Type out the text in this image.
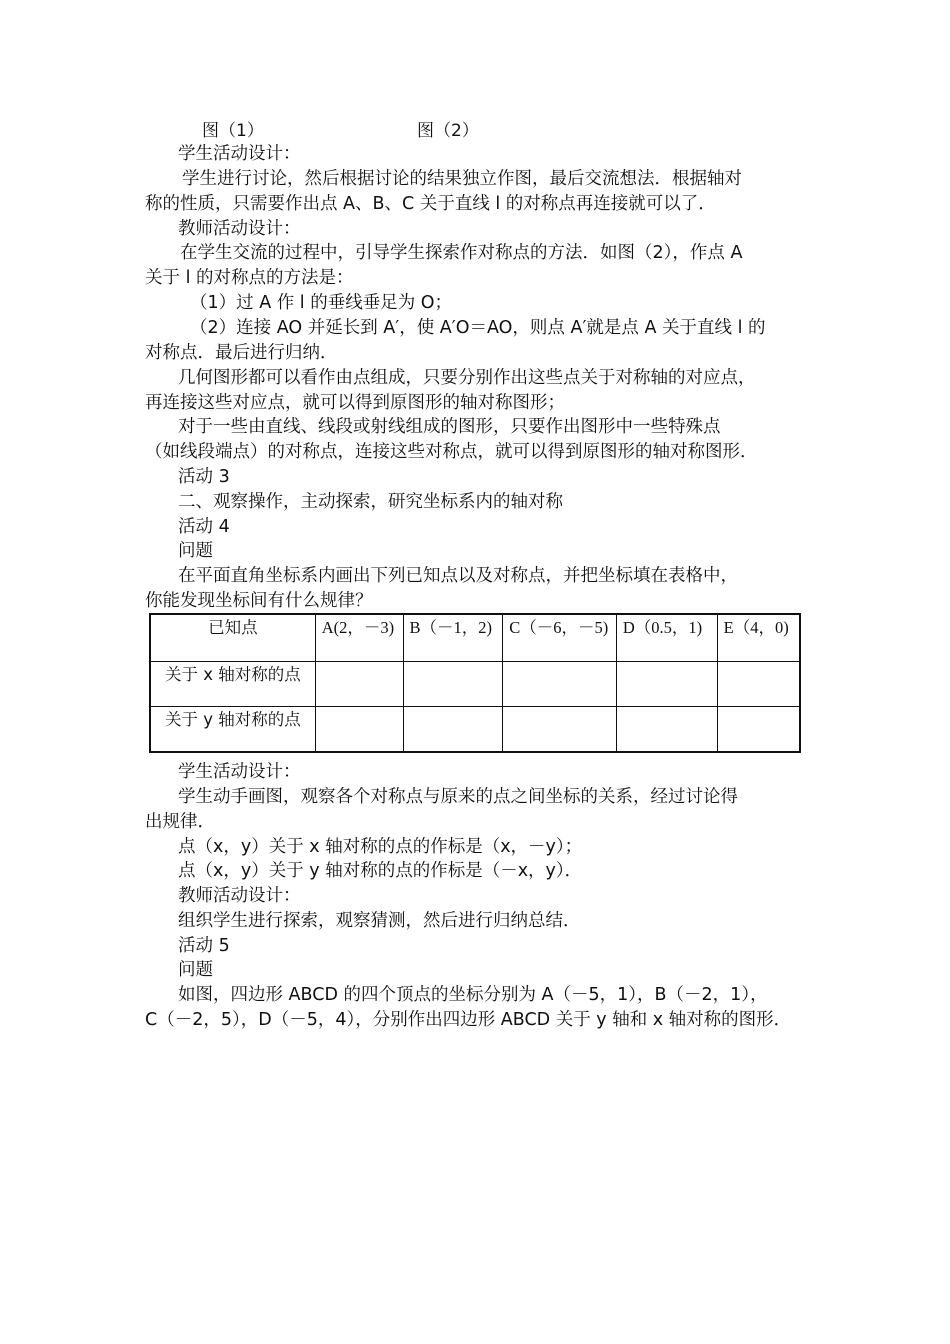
图（1）	图（2）
学生活动设计：
学生进行讨论，然后根据讨论的结果独立作图，最后交流想法．根据轴对
称的性质，只需要作出点 A、B、C 关于直线 l 的对称点再连接就可以了．
教师活动设计：
在学生交流的过程中，引导学生探索作对称点的方法．如图（2），作点 A
关于 l 的对称点的方法是：
（1）过 A 作 l 的垂线垂足为 O；
（2）连接 AO 并延长到 A′，使 A′O＝AO，则点 A′就是点 A 关于直线 l 的
对称点．最后进行归纳．
几何图形都可以看作由点组成，只要分别作出这些点关于对称轴的对应点，
再连接这些对应点，就可以得到原图形的轴对称图形；
对于一些由直线、线段或射线组成的图形，只要作出图形中一些特殊点
（如线段端点）的对称点，连接这些对称点，就可以得到原图形的轴对称图形．
活动 3
二、观察操作，主动探索，研究坐标系内的轴对称
活动 4
问题
在平面直角坐标系内画出下列已知点以及对称点，并把坐标填在表格中，
你能发现坐标间有什么规律？
已知点	A(2，－3)	B（－1，2)	C（－6，－5)	D（0.5，1)	E（4，0)
关于 x 轴对称的点					
关于 y 轴对称的点					
学生活动设计：
学生动手画图，观察各个对称点与原来的点之间坐标的关系，经过讨论得
出规律．
点（x，y）关于 x 轴对称的点的作标是（x，－y）；
点（x，y）关于 y 轴对称的点的作标是（－x，y）．
教师活动设计：
组织学生进行探索，观察猜测，然后进行归纳总结．
活动 5
问题
如图，四边形 ABCD 的四个顶点的坐标分别为 A（－5，1），B（－2，1），
C（－2，5），D（－5，4），分别作出四边形 ABCD 关于 y 轴和 x 轴对称的图形．
